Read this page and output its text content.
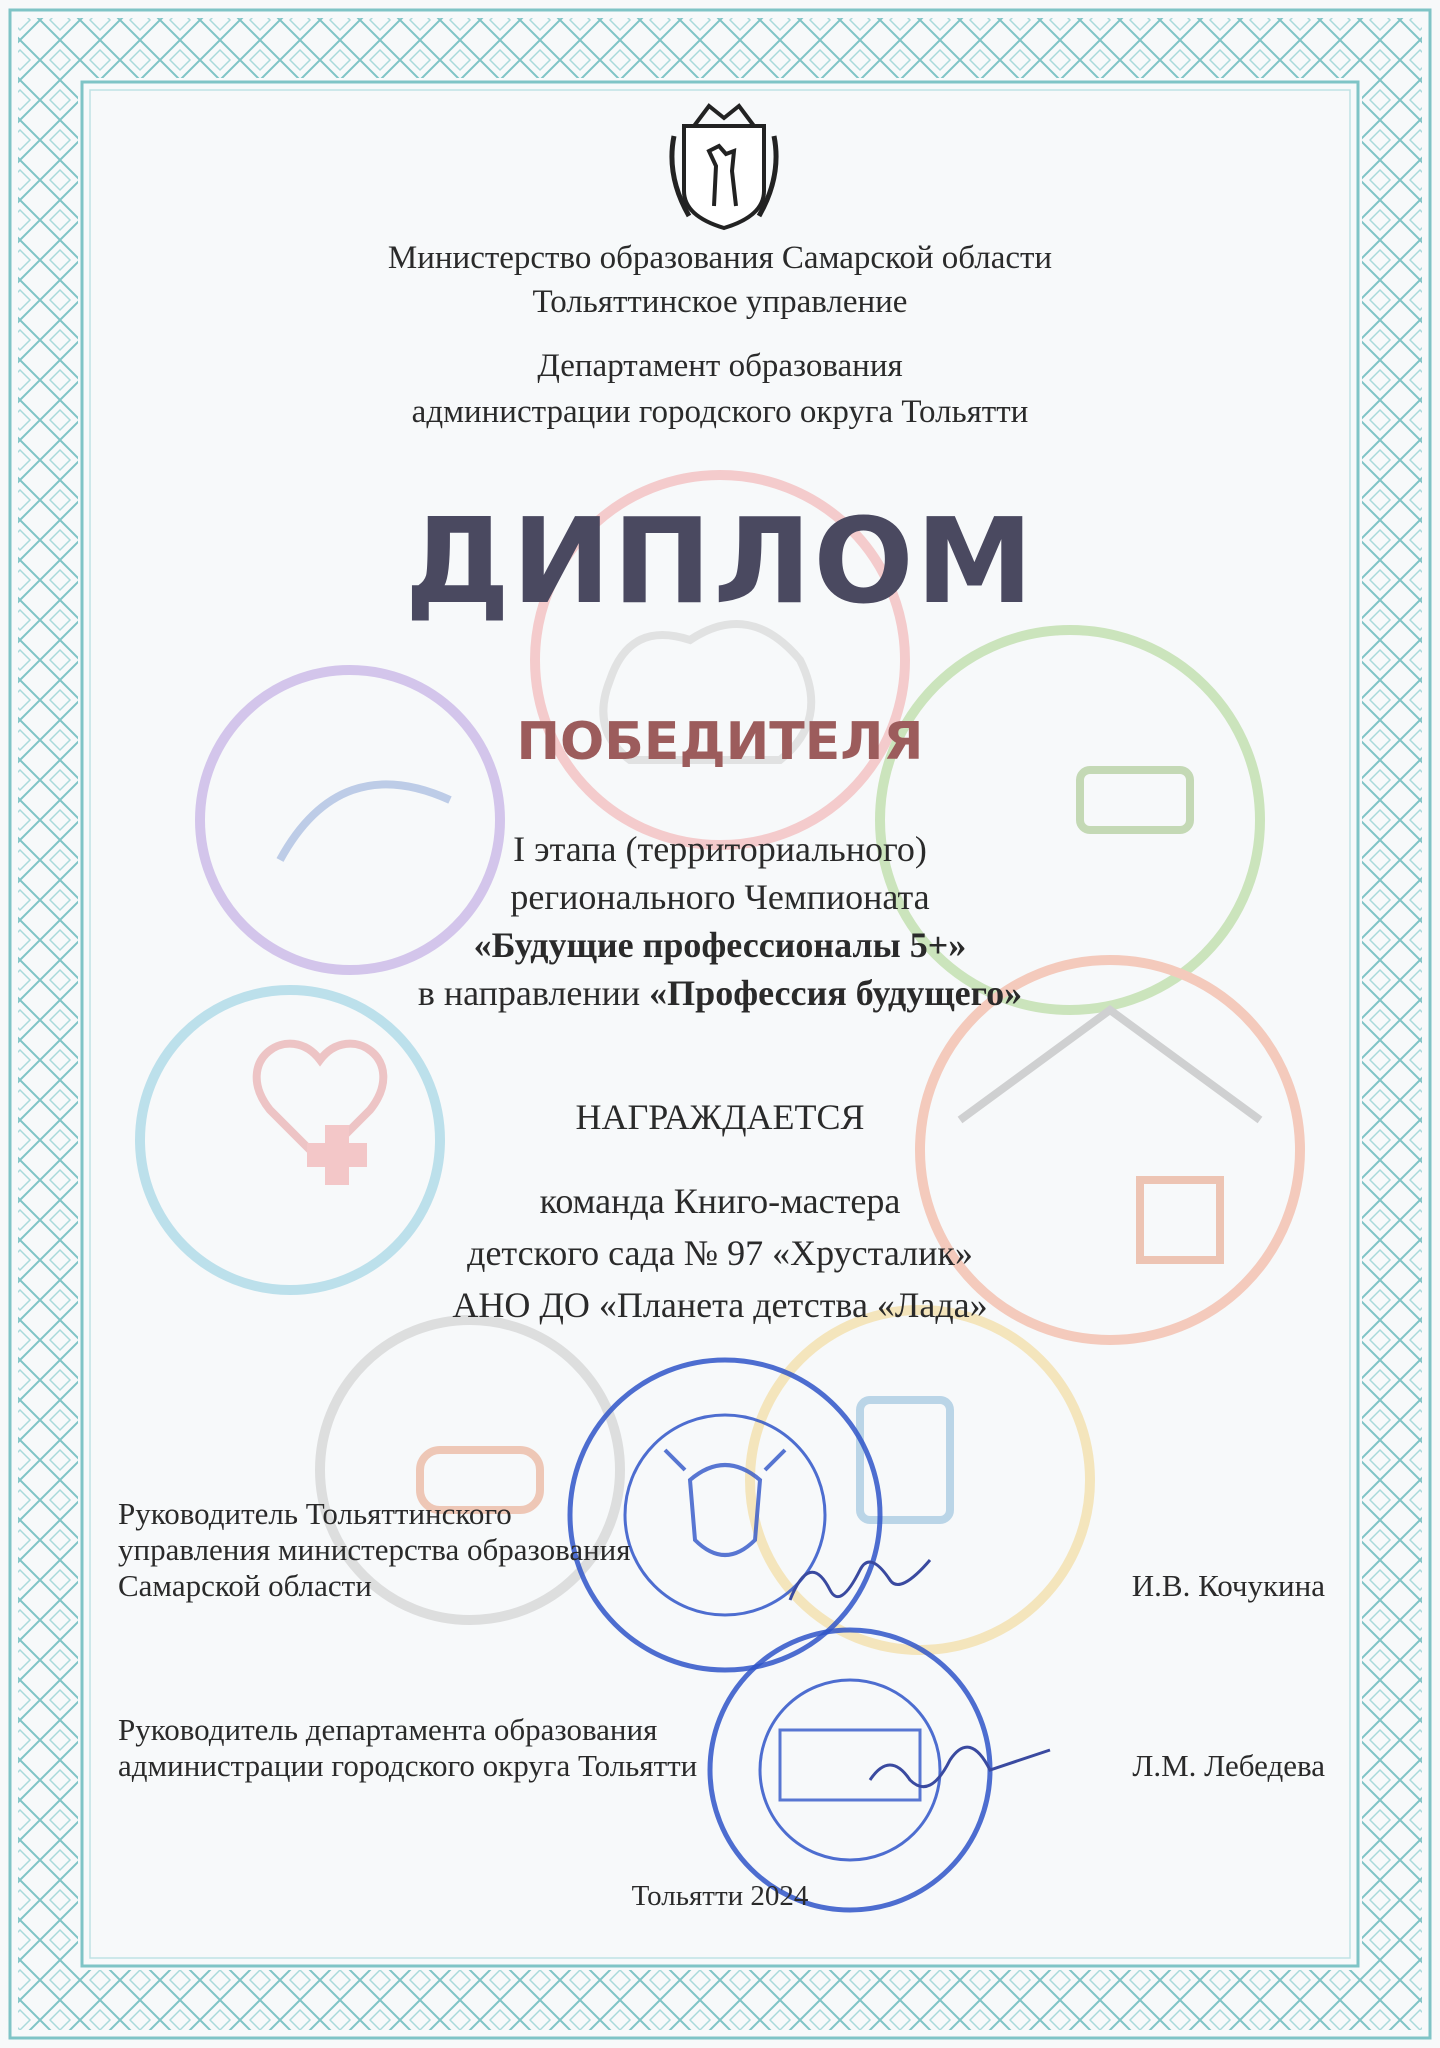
Министерство образования Самарской области
Тольяттинское управление
Департамент образования
администрации городского округа Тольятти
ДИПЛОМ
ПОБЕДИТЕЛЯ
I этапа (территориального)
регионального Чемпионата
«Будущие профессионалы 5+»
в направлении «Профессия будущего»
НАГРАЖДАЕТСЯ
команда Книго-мастера
детского сада № 97 «Хрусталик»
АНО ДО «Планета детства «Лада»
Руководитель Тольяттинского
управления министерства образования
Самарской области	И.В. Кочукина
Руководитель департамента образования
администрации городского округа Тольятти	Л.М. Лебедева
Тольятти 2024
